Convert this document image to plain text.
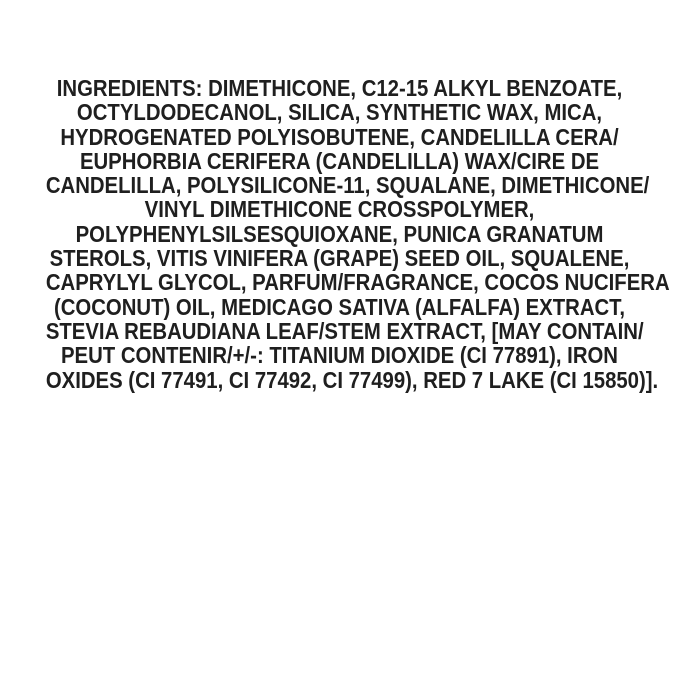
INGREDIENTS: DIMETHICONE, C12-15 ALKYL BENZOATE,
OCTYLDODECANOL, SILICA, SYNTHETIC WAX, MICA,
HYDROGENATED POLYISOBUTENE, CANDELILLA CERA/
EUPHORBIA CERIFERA (CANDELILLA) WAX/CIRE DE
CANDELILLA, POLYSILICONE-11, SQUALANE, DIMETHICONE/
VINYL DIMETHICONE CROSSPOLYMER,
POLYPHENYLSILSESQUIOXANE, PUNICA GRANATUM
STEROLS, VITIS VINIFERA (GRAPE) SEED OIL, SQUALENE,
CAPRYLYL GLYCOL, PARFUM/FRAGRANCE, COCOS NUCIFERA
(COCONUT) OIL, MEDICAGO SATIVA (ALFALFA) EXTRACT,
STEVIA REBAUDIANA LEAF/STEM EXTRACT, [MAY CONTAIN/
PEUT CONTENIR/+/-: TITANIUM DIOXIDE (CI 77891), IRON
OXIDES (CI 77491, CI 77492, CI 77499), RED 7 LAKE (CI 15850)].
